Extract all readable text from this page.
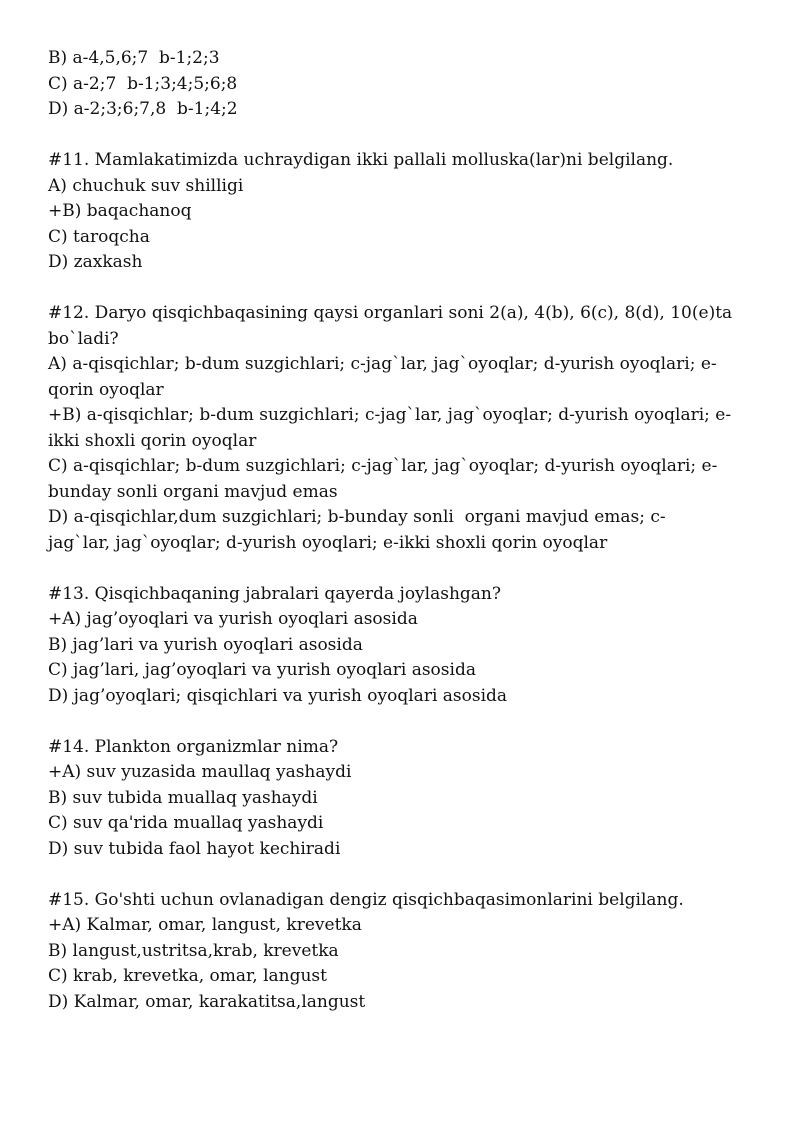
B) a-4,5,6;7  b-1;2;3

C) a-2;7  b-1;3;4;5;6;8

D) a-2;3;6;7,8  b-1;4;2

#11. Mamlakatimizda uchraydigan ikki pallali molluska(lar)ni belgilang.

A) chuchuk suv shilligi

+B) baqachanoq

C) taroqcha

D) zaxkash

#12. Daryo qisqichbaqasining qaysi organlari soni 2(a), 4(b), 6(c), 8(d), 10(e)ta

bo`ladi?

A) a-qisqichlar; b-dum suzgichlari; c-jag`lar, jag`oyoqlar; d-yurish oyoqlari; e-

qorin oyoqlar

+B) a-qisqichlar; b-dum suzgichlari; c-jag`lar, jag`oyoqlar; d-yurish oyoqlari; e-

ikki shoxli qorin oyoqlar

C) a-qisqichlar; b-dum suzgichlari; c-jag`lar, jag`oyoqlar; d-yurish oyoqlari; e-

bunday sonli organi mavjud emas

D) a-qisqichlar,dum suzgichlari; b-bunday sonli  organi mavjud emas; c-

jag`lar, jag`oyoqlar; d-yurish oyoqlari; e-ikki shoxli qorin oyoqlar

#13. Qisqichbaqaning jabralari qayerda joylashgan?

+A) jag’oyoqlari va yurish oyoqlari asosida

B) jag’lari va yurish oyoqlari asosida

C) jag’lari, jag’oyoqlari va yurish oyoqlari asosida

D) jag’oyoqlari; qisqichlari va yurish oyoqlari asosida

#14. Plankton organizmlar nima?

+A) suv yuzasida maullaq yashaydi

B) suv tubida muallaq yashaydi

C) suv qa'rida muallaq yashaydi

D) suv tubida faol hayot kechiradi

#15. Go'shti uchun ovlanadigan dengiz qisqichbaqasimonlarini belgilang.

+A) Kalmar, omar, langust, krevetka

B) langust,ustritsa,krab, krevetka

C) krab, krevetka, omar, langust

D) Kalmar, omar, karakatitsa,langust
